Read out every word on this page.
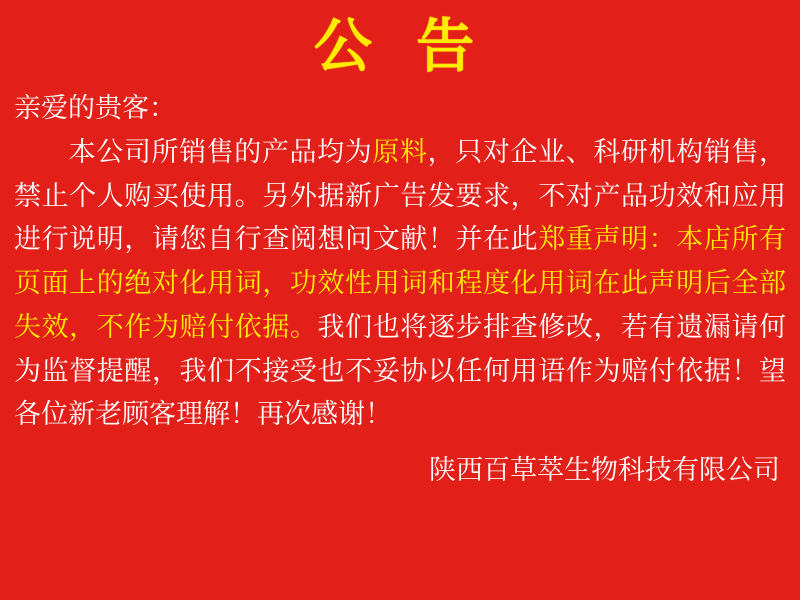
公 告

亲爱的贵客：

本公司所销售的产品均为原料，只对企业、科研机构销售，禁止个人购买使用。另外据新广告发要求，不对产品功效和应用进行说明，请您自行查阅想问文献！并在此郑重声明：本店所有页面上的绝对化用词，功效性用词和程度化用词在此声明后全部失效，不作为赔付依据。我们也将逐步排查修改，若有遗漏请何为监督提醒，我们不接受也不妥协以任何用语作为赔付依据！望各位新老顾客理解！再次感谢！

陕西百草萃生物科技有限公司
